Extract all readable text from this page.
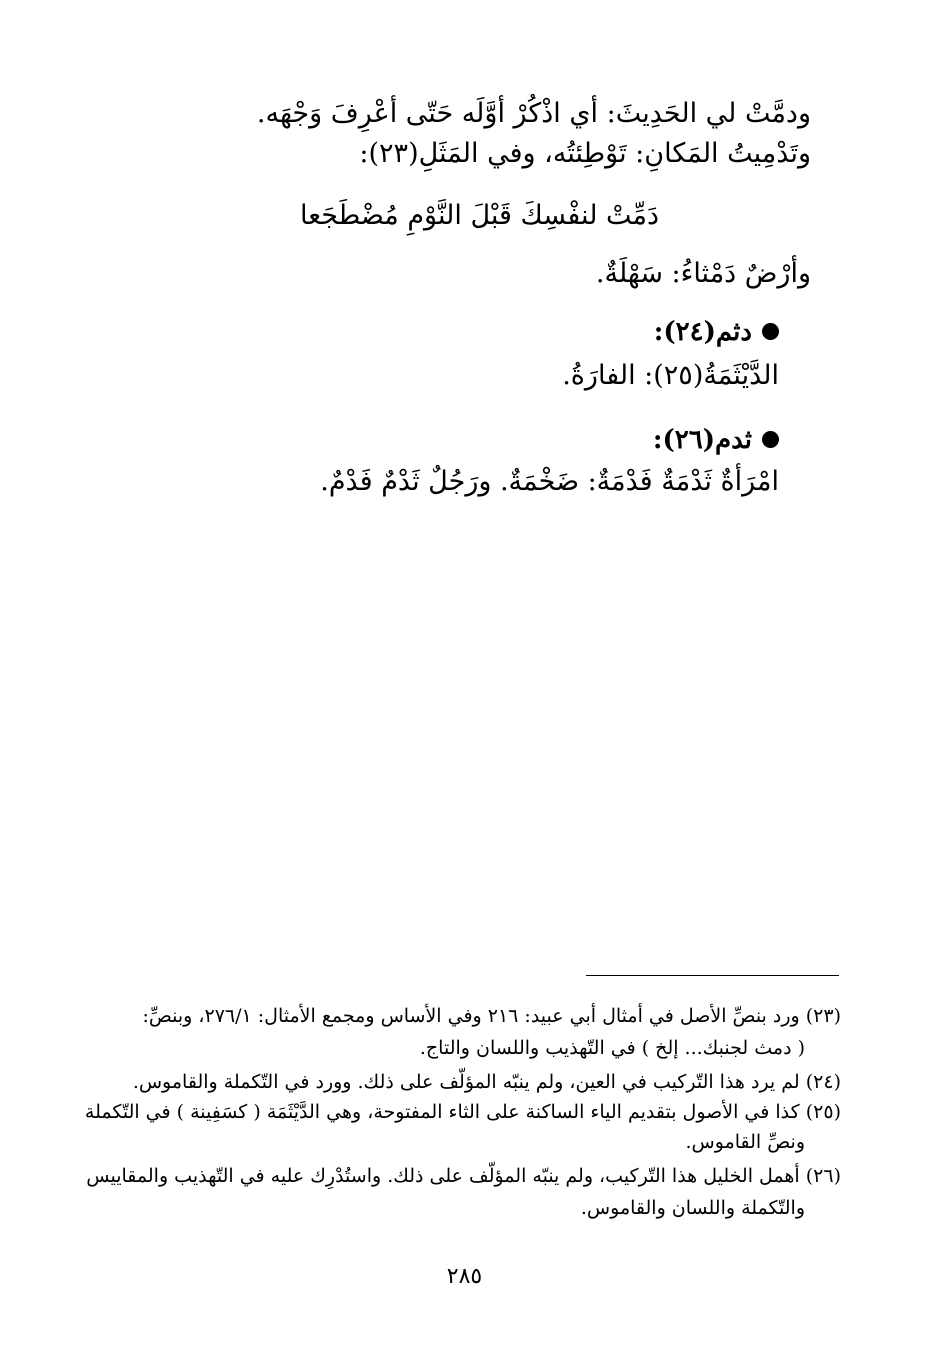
ودمَّتْ لي الحَدِيثَ: أي اذْكُرْ أوَّلَه حَتّى أعْرِفَ وَجْهَه.
وتَدْمِيتُ المَكانِ: تَوْطِئتُه، وفي المَثَلِ(٢٣):
دَمِّتْ لنفْسِكَ قَبْلَ النَّوْمِ مُضْطَجَعا
وأرْضٌ دَمْثاءُ: سَهْلَةٌ.
دثم(٢٤):
الدَّيْثَمَةُ(٢٥): الفارَةُ.
ثدم(٢٦):
امْرَأةٌ ثَدْمَةٌ فَدْمَةٌ: ضَخْمَةٌ. ورَجُلٌ ثَدْمٌ فَدْمٌ.
(٢٣) ورد بنصِّ الأصل في أمثال أبي عبيد: ٢١٦ وفي الأساس ومجمع الأمثال: ٢٧٦/١، وبنصِّ:
( دمث لجنبك... إلخ ) في التّهذيب واللسان والتاج.
(٢٤) لم يرد هذا التّركيب في العين، ولم ينبّه المؤلّف على ذلك. وورد في التّكملة والقاموس.
(٢٥) كذا في الأصول بتقديم الياء الساكنة على الثاء المفتوحة، وهي الدَّيْثَمَة ( كسَفِينة ) في التّكملة
ونصِّ القاموس.
(٢٦) أهمل الخليل هذا التّركيب، ولم ينبّه المؤلّف على ذلك. واستُدْرِك عليه في التّهذيب والمقاييس
والتّكملة واللسان والقاموس.
٢٨٥
